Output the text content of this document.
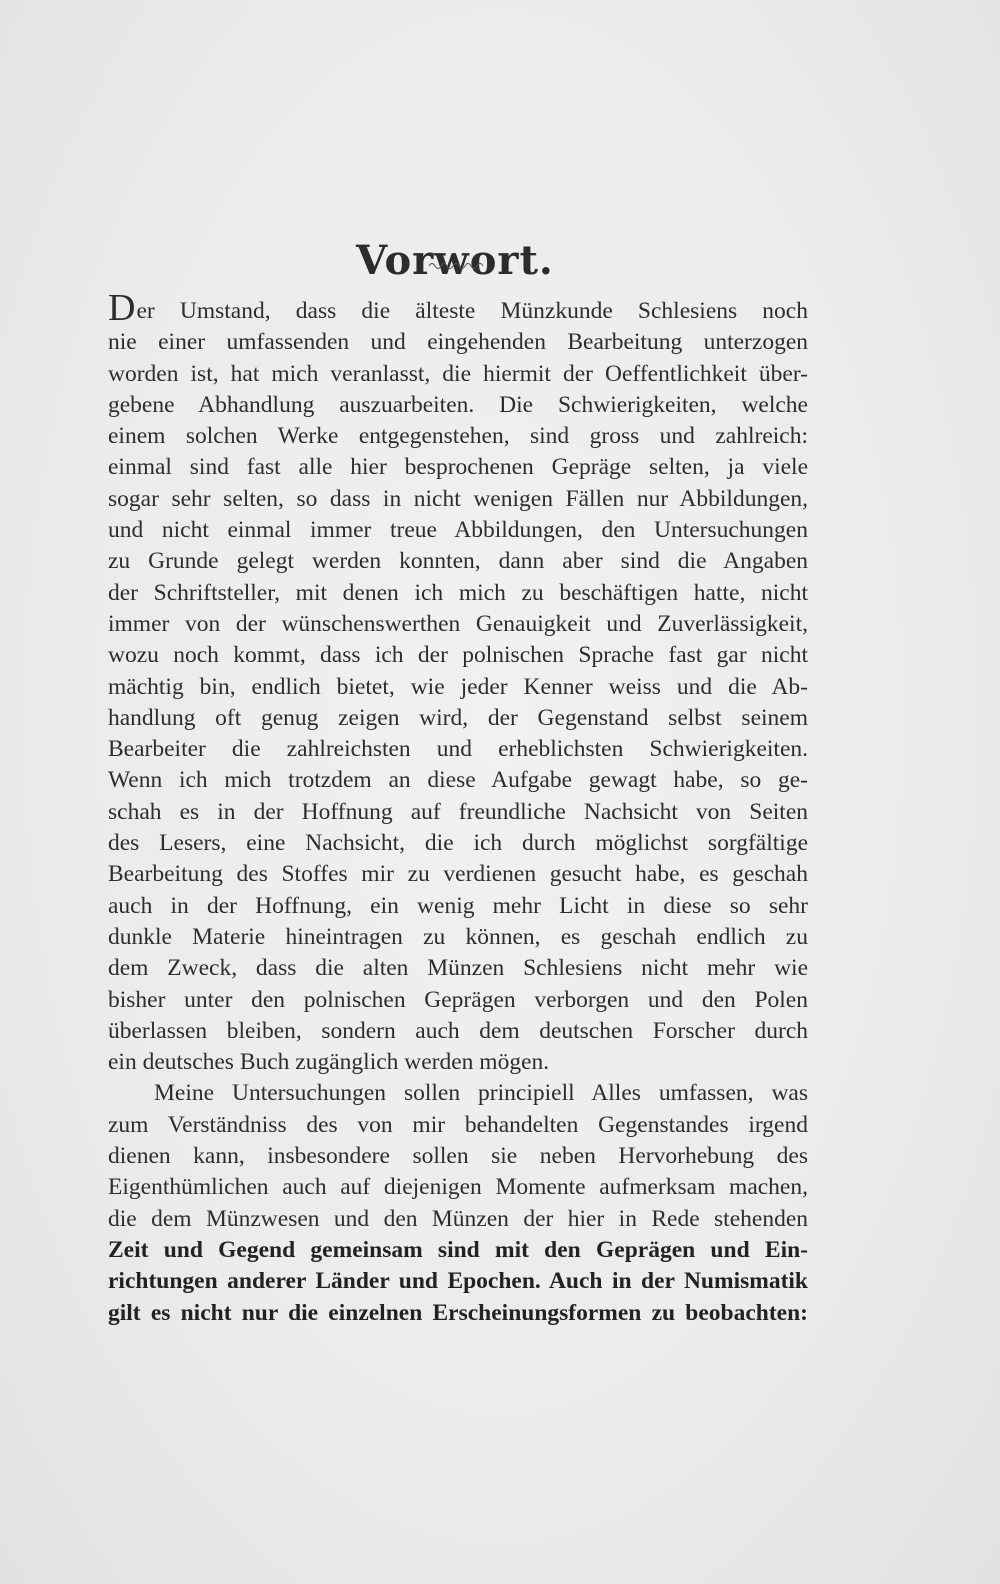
Vorwort.

Der Umstand, dass die älteste Münzkunde Schlesiens noch
nie einer umfassenden und eingehenden Bearbeitung unterzogen
worden ist, hat mich veranlasst, die hiermit der Oeffentlichkeit über-
gebene Abhandlung auszuarbeiten. Die Schwierigkeiten, welche
einem solchen Werke entgegenstehen, sind gross und zahlreich:
einmal sind fast alle hier besprochenen Gepräge selten, ja viele
sogar sehr selten, so dass in nicht wenigen Fällen nur Abbildungen,
und nicht einmal immer treue Abbildungen, den Untersuchungen
zu Grunde gelegt werden konnten, dann aber sind die Angaben
der Schriftsteller, mit denen ich mich zu beschäftigen hatte, nicht
immer von der wünschenswerthen Genauigkeit und Zuverlässigkeit,
wozu noch kommt, dass ich der polnischen Sprache fast gar nicht
mächtig bin, endlich bietet, wie jeder Kenner weiss und die Ab-
handlung oft genug zeigen wird, der Gegenstand selbst seinem
Bearbeiter die zahlreichsten und erheblichsten Schwierigkeiten.
Wenn ich mich trotzdem an diese Aufgabe gewagt habe, so ge-
schah es in der Hoffnung auf freundliche Nachsicht von Seiten
des Lesers, eine Nachsicht, die ich durch möglichst sorgfältige
Bearbeitung des Stoffes mir zu verdienen gesucht habe, es geschah
auch in der Hoffnung, ein wenig mehr Licht in diese so sehr
dunkle Materie hineintragen zu können, es geschah endlich zu
dem Zweck, dass die alten Münzen Schlesiens nicht mehr wie
bisher unter den polnischen Geprägen verborgen und den Polen
überlassen bleiben, sondern auch dem deutschen Forscher durch
ein deutsches Buch zugänglich werden mögen.

Meine Untersuchungen sollen principiell Alles umfassen, was
zum Verständniss des von mir behandelten Gegenstandes irgend
dienen kann, insbesondere sollen sie neben Hervorhebung des
Eigenthümlichen auch auf diejenigen Momente aufmerksam machen,
die dem Münzwesen und den Münzen der hier in Rede stehenden
Zeit und Gegend gemeinsam sind mit den Geprägen und Ein-
richtungen anderer Länder und Epochen. Auch in der Numismatik
gilt es nicht nur die einzelnen Erscheinungsformen zu beobachten:
